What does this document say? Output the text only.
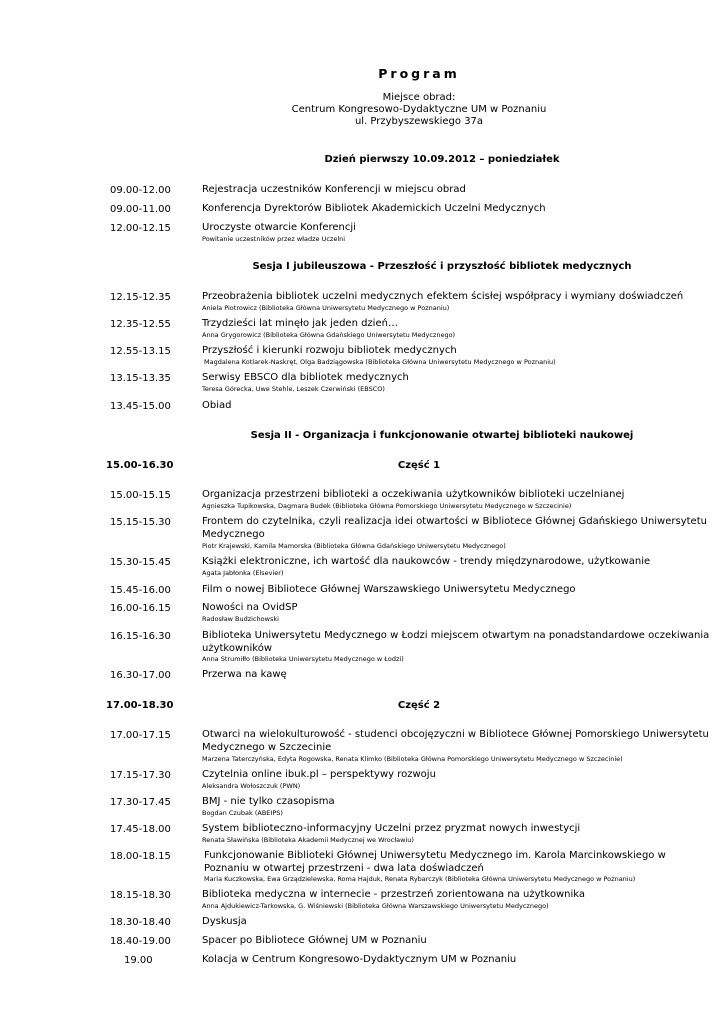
Program
Miejsce obrad:
Centrum Kongresowo-Dydaktyczne UM w Poznaniu
ul. Przybyszewskiego 37a
Dzień pierwszy 10.09.2012 – poniedziałek
09.00-12.00	Rejestracja uczestników Konferencji w miejscu obrad
09.00-11.00	Konferencja Dyrektorów Bibliotek Akademickich Uczelni Medycznych
12.00-12.15	Uroczyste otwarcie Konferencji
Powitanie uczestników przez władze Uczelni
Sesja I jubileuszowa - Przeszłość i przyszłość bibliotek medycznych
12.15-12.35	Przeobrażenia bibliotek uczelni medycznych efektem ścisłej współpracy i wymiany doświadczeń
Aniela Piotrowicz (Biblioteka Główna Uniwersytetu Medycznego w Poznaniu)
12.35-12.55	Trzydzieści lat minęło jak jeden dzień…
Anna Grygorowicz (Biblioteka Główna Gdańskiego Uniwersytetu Medycznego)
12.55-13.15	Przyszłość i kierunki rozwoju bibliotek medycznych
Magdalena Kotlarek-Naskręt, Olga Badziągowska (Biblioteka Główna Uniwersytetu Medycznego w Poznaniu)
13.15-13.35	Serwisy EBSCO dla bibliotek medycznych
Teresa Górecka, Uwe Stehle, Leszek Czerwiński (EBSCO)
13.45-15.00	Obiad
Sesja II - Organizacja i funkcjonowanie otwartej biblioteki naukowej
15.00-16.30	Część 1
15.00-15.15	Organizacja przestrzeni biblioteki a oczekiwania użytkowników biblioteki uczelnianej
Agnieszka Tupikowska, Dagmara Budek (Biblioteka Główna Pomorskiego Uniwersytetu Medycznego w Szczecinie)
15.15-15.30	Frontem do czytelnika, czyli realizacja idei otwartości w Bibliotece Głównej Gdańskiego Uniwersytetu
Medycznego
Piotr Krajewski, Kamila Mamorska (Biblioteka Główna Gdańskiego Uniwersytetu Medycznego)
15.30-15.45	Książki elektroniczne, ich wartość dla naukowców - trendy międzynarodowe, użytkowanie
Agata Jabłonka (Elsevier)
15.45-16.00	Film o nowej Bibliotece Głównej Warszawskiego Uniwersytetu Medycznego
16.00-16.15	Nowości na OvidSP
Radosław Budzichowski
16.15-16.30	Biblioteka Uniwersytetu Medycznego w Łodzi miejscem otwartym na ponadstandardowe oczekiwania
użytkowników
Anna Strumiłło (Biblioteka Uniwersytetu Medycznego w Łodzi)
16.30-17.00	Przerwa na kawę
17.00-18.30	Część 2
17.00-17.15	Otwarci na wielokulturowość - studenci obcojęzyczni w Bibliotece Głównej Pomorskiego Uniwersytetu
Medycznego w Szczecinie
Marzena Taterczyńska, Edyta Rogowska, Renata Klimko (Biblioteka Główna Pomorskiego Uniwersytetu Medycznego w Szczecinie)
17.15-17.30	Czytelnia online ibuk.pl – perspektywy rozwoju
Aleksandra Wołoszczuk (PWN)
17.30-17.45	BMJ - nie tylko czasopisma
Bogdan Czubak (ABEIPS)
17.45-18.00	System biblioteczno-informacyjny Uczelni przez pryzmat nowych inwestycji
Renata Sławińska (Biblioteka Akademii Medycznej we Wrocławiu)
18.00-18.15	Funkcjonowanie Biblioteki Głównej Uniwersytetu Medycznego im. Karola Marcinkowskiego w
Poznaniu w otwartej przestrzeni - dwa lata doświadczeń
Maria Kuczkowska, Ewa Grządzielewska, Roma Hajduk, Renata Rybarczyk (Biblioteka Główna Uniwersytetu Medycznego w Poznaniu)
18.15-18.30	Biblioteka medyczna w internecie - przestrzeń zorientowana na użytkownika
Anna Ajdukiewicz-Tarkowska, G. Wiśniewski (Biblioteka Główna Warszawskiego Uniwersytetu Medycznego)
18.30-18.40	Dyskusja
18.40-19.00	Spacer po Bibliotece Głównej UM w Poznaniu
19.00	Kolacja w Centrum Kongresowo-Dydaktycznym UM w Poznaniu
